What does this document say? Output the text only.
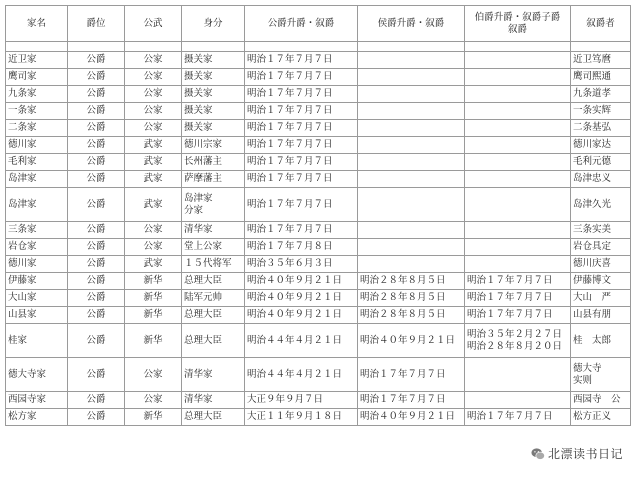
家名	爵位	公武	身分	公爵升爵・叙爵	侯爵升爵・叙爵	伯爵升爵・叙爵子爵叙爵	叙爵者

近卫家	公爵	公家	摄关家	明治１７年７月７日			近卫笃麿

鹰司家	公爵	公家	摄关家	明治１７年７月７日			鹰司熙通

九条家	公爵	公家	摄关家	明治１７年７月７日			九条道孝

一条家	公爵	公家	摄关家	明治１７年７月７日			一条实辉

二条家	公爵	公家	摄关家	明治１７年７月７日			二条基弘

德川家	公爵	武家	德川宗家	明治１７年７月７日			德川家达

毛利家	公爵	武家	长州藩主	明治１７年７月７日			毛利元德

岛津家	公爵	武家	萨摩藩主	明治１７年７月７日			岛津忠义

岛津家	公爵	武家	岛津家
分家	明治１７年７月７日			岛津久光

三条家	公爵	公家	清华家	明治１７年７月７日			三条实美

岩仓家	公爵	公家	堂上公家	明治１７年７月８日			岩仓具定

德川家	公爵	武家	１５代将军	明治３５年６月３日			德川庆喜

伊藤家	公爵	新华	总理大臣	明治４０年９月２１日	明治２８年８月５日	明治１７年７月７日	伊藤博文

大山家	公爵	新华	陆军元帅	明治４０年９月２１日	明治２８年８月５日	明治１７年７月７日	大山　严

山县家	公爵	新华	总理大臣	明治４０年９月２１日	明治２８年８月５日	明治１７年７月７日	山县有朋

桂家	公爵	新华	总理大臣	明治４４年４月２１日	明治４０年９月２１日	明治３５年２月２７日
明治２８年８月２０日	桂　太郎

德大寺家	公爵	公家	清华家	明治４４年４月２１日	明治１７年７月７日		德大寺
实则

西园寺家	公爵	公家	清华家	大正９年９月７日	明治１７年７月７日		西园寺　公

松方家	公爵	新华	总理大臣	大正１１年９月１８日	明治４０年９月２１日	明治１７年７月７日	松方正义
北漂读书日记
